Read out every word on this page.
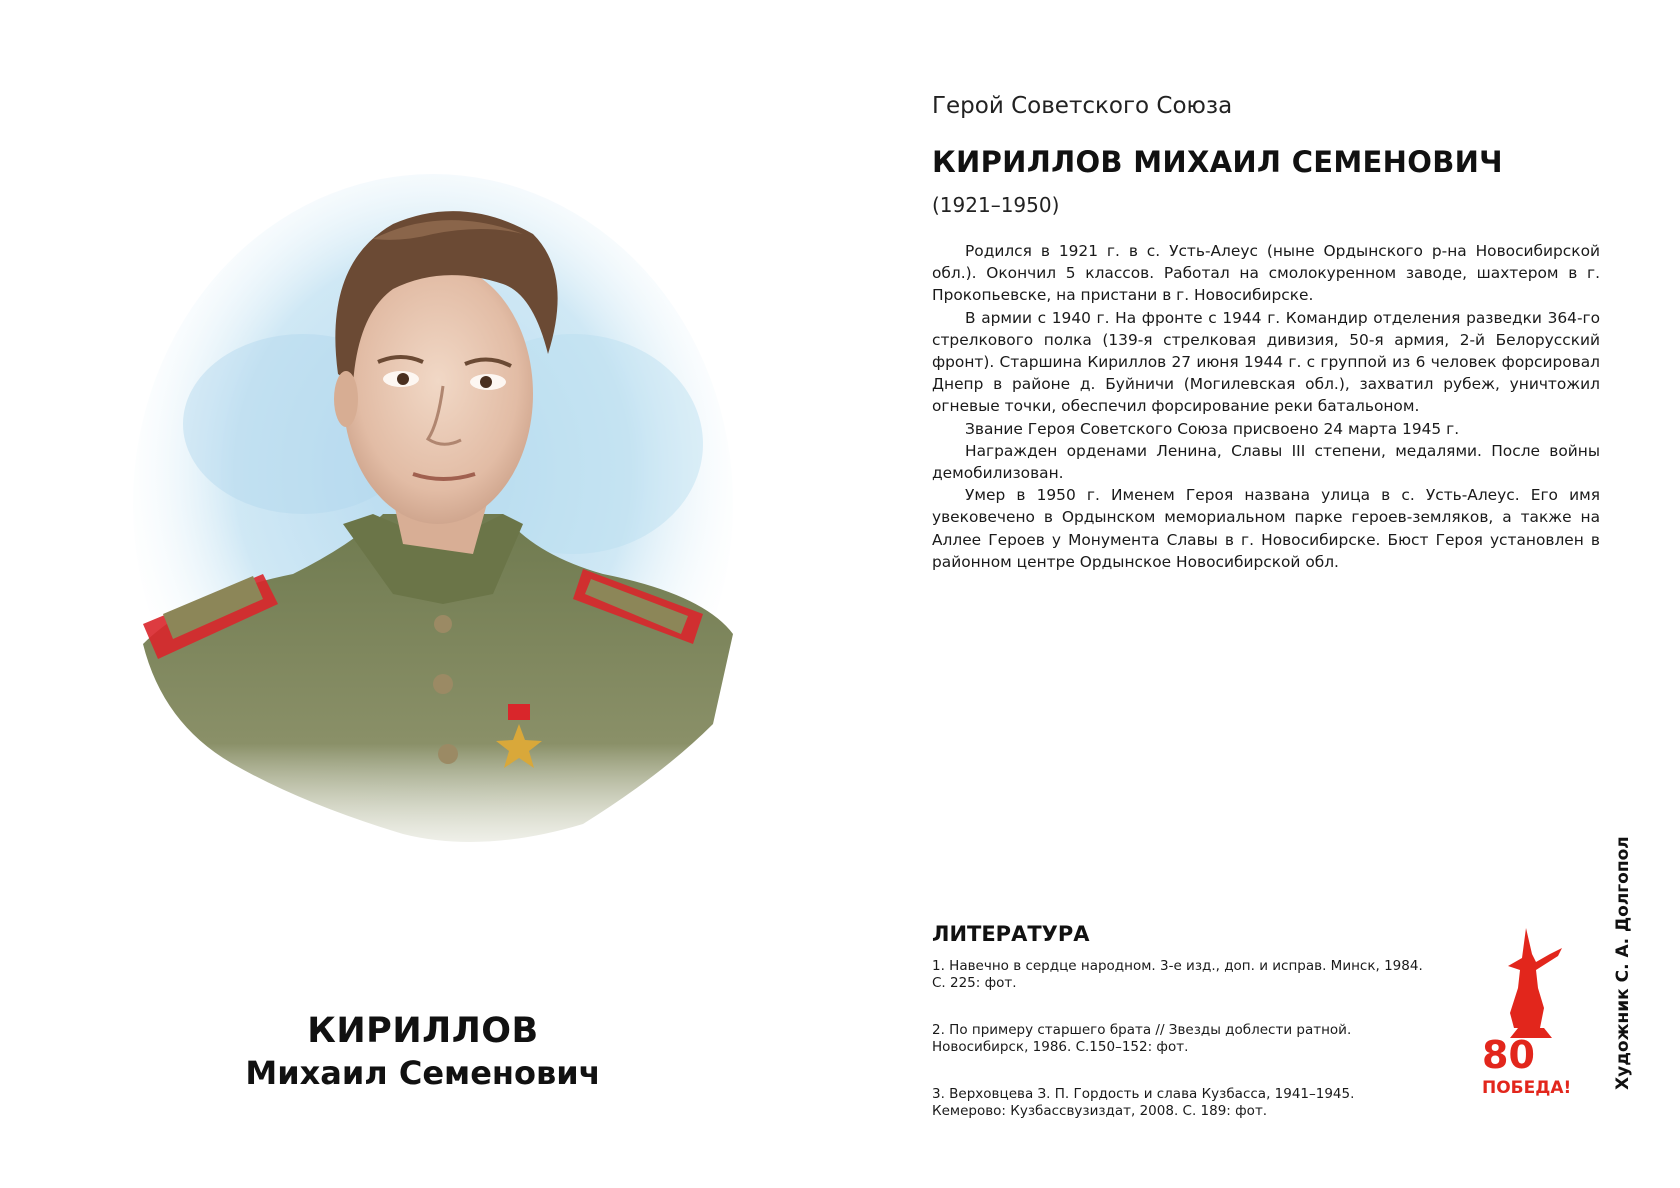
КИРИЛЛОВ
Михаил Семенович
Герой Советского Союза
КИРИЛЛОВ МИХАИЛ СЕМЕНОВИЧ
(1921–1950)

Родился в 1921 г. в с. Усть-Алеус (ныне Ордынского р-на Новосибирской обл.). Окончил 5 классов. Работал на смолокуренном заводе, шахтером в г. Прокопьевске, на пристани в г. Новосибирске.

В армии с 1940 г. На фронте с 1944 г. Командир отделения разведки 364-го стрелкового полка (139-я стрелковая дивизия, 50-я армия, 2-й Белорусский фронт). Старшина Кириллов 27 июня 1944 г. с группой из 6 человек форсировал Днепр в районе д. Буйничи (Могилевская обл.), захватил рубеж, уничтожил огневые точки, обеспечил форсирование реки батальоном.

Звание Героя Советского Союза присвоено 24 марта 1945 г.

Награжден орденами Ленина, Славы III степени, медалями. После войны демобилизован.

Умер в 1950 г. Именем Героя названа улица в с. Усть-Алеус. Его имя увековечено в Ордынском мемориальном парке героев-земляков, а также на Аллее Героев у Монумента Славы в г. Новосибирске. Бюст Героя установлен в районном центре Ордынское Новосибирской обл.

ЛИТЕРАТУРА
1. Навечно в сердце народном. 3-е изд., доп. и исправ. Минск, 1984. С. 225: фот.
2. По примеру старшего брата // Звезды доблести ратной. Новосибирск, 1986. С.150–152: фот.
3. Верховцева З. П. Гордость и слава Кузбасса, 1941–1945. Кемерово: Кузбассвузиздат, 2008. С. 189: фот.
80
ПОБЕДА! Художник С. А. Долгопол
